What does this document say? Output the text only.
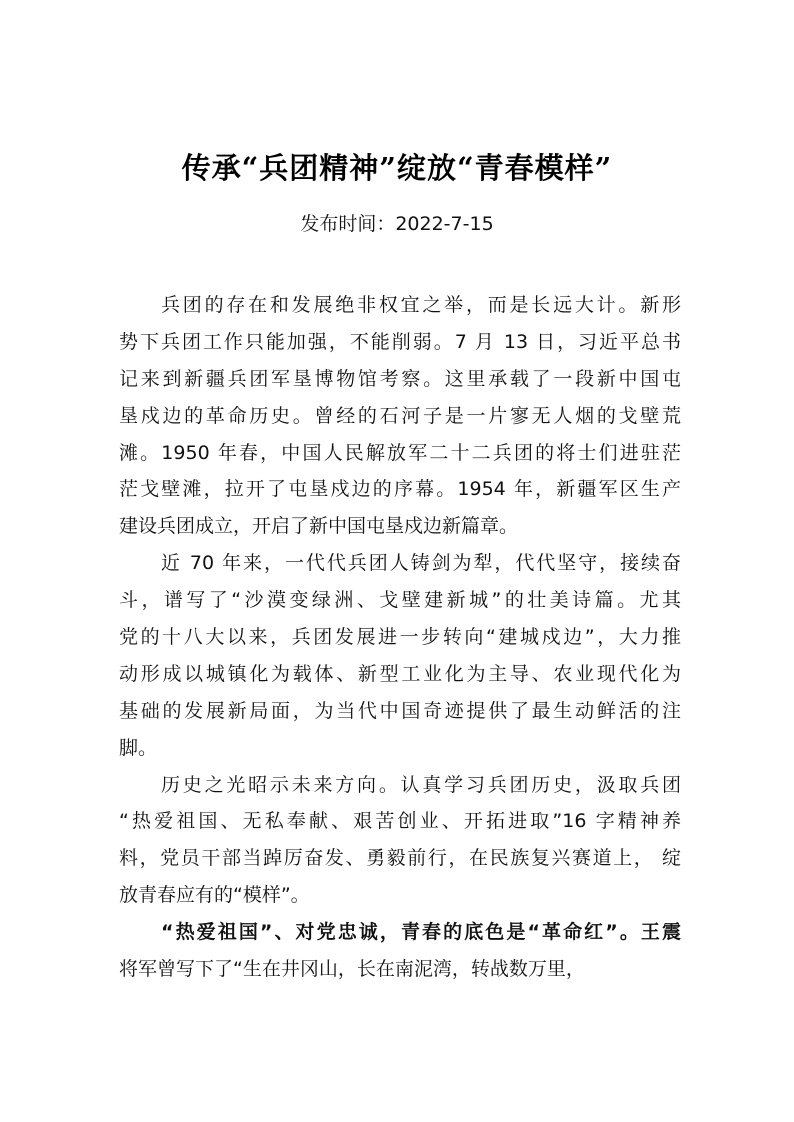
传承“兵团精神”绽放“青春模样”
发布时间：2022-7-15
兵团的存在和发展绝非权宜之举，而是长远大计。新形
势下兵团工作只能加强，不能削弱。7 月 13 日，习近平总书
记来到新疆兵团军垦博物馆考察。这里承载了一段新中国屯
垦戍边的革命历史。曾经的石河子是一片寥无人烟的戈壁荒
滩。1950 年春，中国人民解放军二十二兵团的将士们进驻茫
茫戈壁滩，拉开了屯垦戍边的序幕。1954 年，新疆军区生产
建设兵团成立，开启了新中国屯垦戍边新篇章。
近 70 年来，一代代兵团人铸剑为犁，代代坚守，接续奋
斗，谱写了“沙漠变绿洲、戈壁建新城”的壮美诗篇。尤其
党的十八大以来，兵团发展进一步转向“建城戍边”，大力推
动形成以城镇化为载体、新型工业化为主导、农业现代化为
基础的发展新局面，为当代中国奇迹提供了最生动鲜活的注
脚。
历史之光昭示未来方向。认真学习兵团历史，汲取兵团
“热爱祖国、无私奉献、艰苦创业、开拓进取”16 字精神养
料，党员干部当踔厉奋发、勇毅前行，在民族复兴赛道上， 绽
放青春应有的“模样”。
“热爱祖国”、对党忠诚，青春的底色是“革命红”。王震
将军曾写下了“生在井冈山，长在南泥湾，转战数万里，
